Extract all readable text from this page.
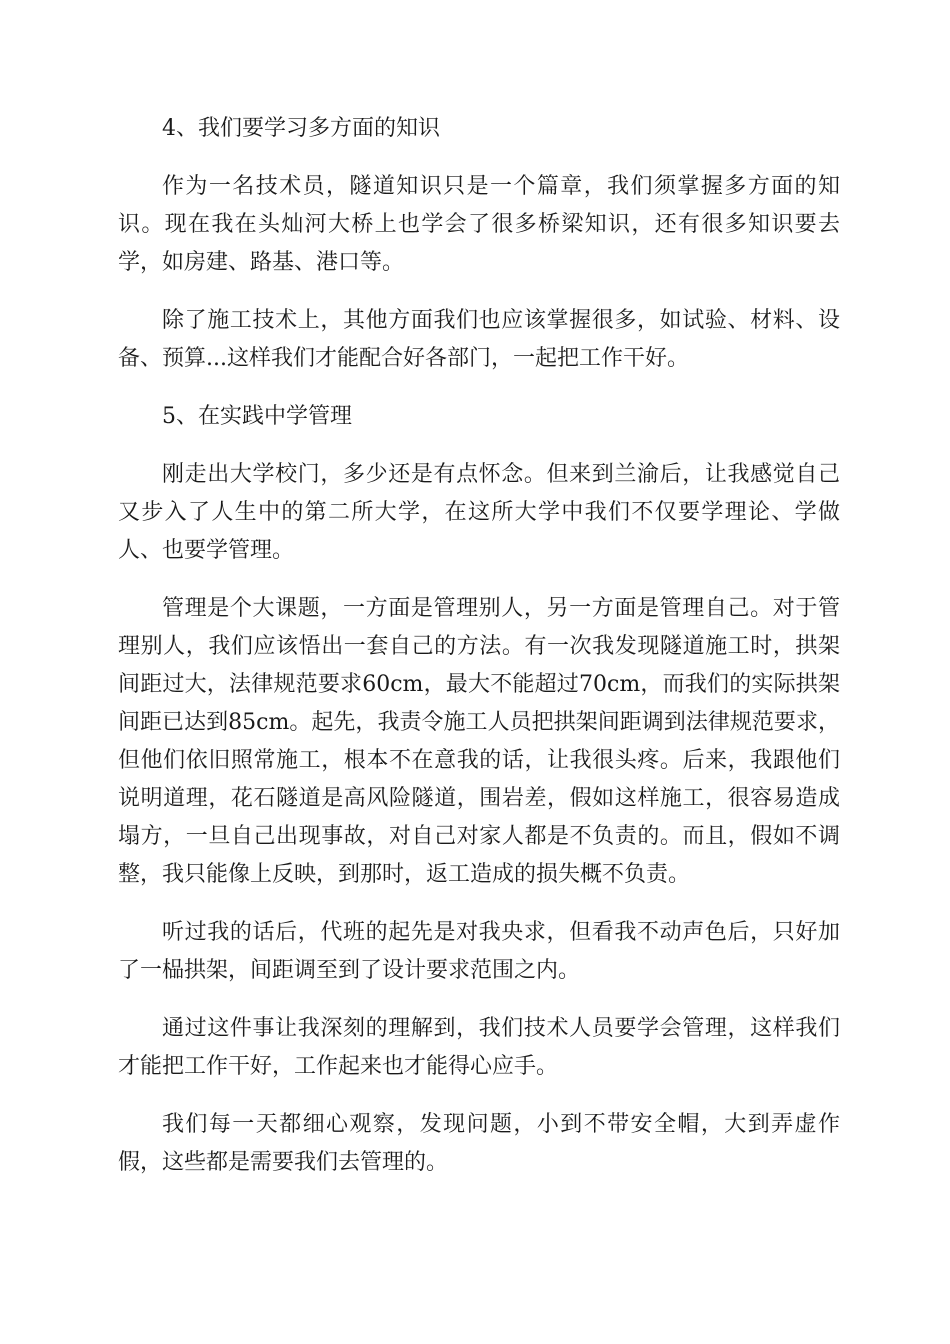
4、我们要学习多方面的知识

作为一名技术员，隧道知识只是一个篇章，我们须掌握多方面的知识。现在我在头灿河大桥上也学会了很多桥梁知识，还有很多知识要去学，如房建、路基、港口等。

除了施工技术上，其他方面我们也应该掌握很多，如试验、材料、设备、预算...这样我们才能配合好各部门，一起把工作干好。

5、在实践中学管理

刚走出大学校门，多少还是有点怀念。但来到兰渝后，让我感觉自己又步入了人生中的第二所大学，在这所大学中我们不仅要学理论、学做人、也要学管理。

管理是个大课题，一方面是管理别人，另一方面是管理自己。对于管理别人，我们应该悟出一套自己的方法。有一次我发现隧道施工时，拱架间距过大，法律规范要求60cm，最大不能超过70cm，而我们的实际拱架间距已达到85cm。起先，我责令施工人员把拱架间距调到法律规范要求，但他们依旧照常施工，根本不在意我的话，让我很头疼。后来，我跟他们说明道理，花石隧道是高风险隧道，围岩差，假如这样施工，很容易造成塌方，一旦自己出现事故，对自己对家人都是不负责的。而且，假如不调整，我只能像上反映，到那时，返工造成的损失概不负责。

听过我的话后，代班的起先是对我央求，但看我不动声色后，只好加了一榀拱架，间距调至到了设计要求范围之内。

通过这件事让我深刻的理解到，我们技术人员要学会管理，这样我们才能把工作干好，工作起来也才能得心应手。

我们每一天都细心观察，发现问题，小到不带安全帽，大到弄虚作假，这些都是需要我们去管理的。
